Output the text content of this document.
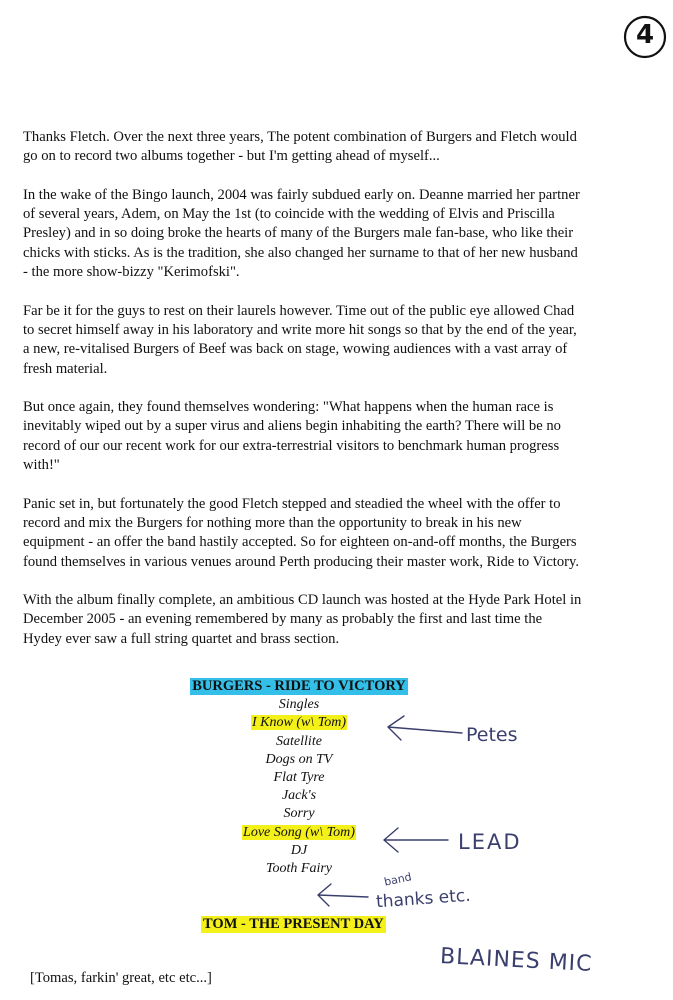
4

Thanks Fletch. Over the next three years, The potent combination of Burgers and Fletch would go on to record two albums together - but I'm getting ahead of myself...

In the wake of the Bingo launch, 2004 was fairly subdued early on. Deanne married her partner of several years, Adem, on May the 1st (to coincide with the wedding of Elvis and Priscilla Presley) and in so doing broke the hearts of many of the Burgers male fan-base, who like their chicks with sticks. As is the tradition, she also changed her surname to that of her new husband - the more show-bizzy "Kerimofski".

Far be it for the guys to rest on their laurels however. Time out of the public eye allowed Chad to secret himself away in his laboratory and write more hit songs so that by the end of the year, a new, re-vitalised Burgers of Beef was back on stage, wowing audiences with a vast array of fresh material.

But once again, they found themselves wondering: "What happens when the human race is inevitably wiped out by a super virus and aliens begin inhabiting the earth? There will be no record of our our recent work for our extra-terrestrial visitors to benchmark human progress with!"

Panic set in, but fortunately the good Fletch stepped and steadied the wheel with the offer to record and mix the Burgers for nothing more than the opportunity to break in his new equipment - an offer the band hastily accepted. So for eighteen on-and-off months, the Burgers found themselves in various venues around Perth producing their master work, Ride to Victory.

With the album finally complete, an ambitious CD launch was hosted at the Hyde Park Hotel in December 2005 - an evening remembered by many as probably the first and last time the Hydey ever saw a full string quartet and brass section.

BURGERS - RIDE TO VICTORY
Singles
I Know (w\ Tom)
Satellite
Dogs on TV
Flat Tyre
Jack's
Sorry
Love Song (w\ Tom)
DJ
Tooth Fairy
TOM - THE PRESENT DAY
Petes
LEAD
band
thanks etc.
BLAINES MIC
[Tomas, farkin' great, etc etc...]
